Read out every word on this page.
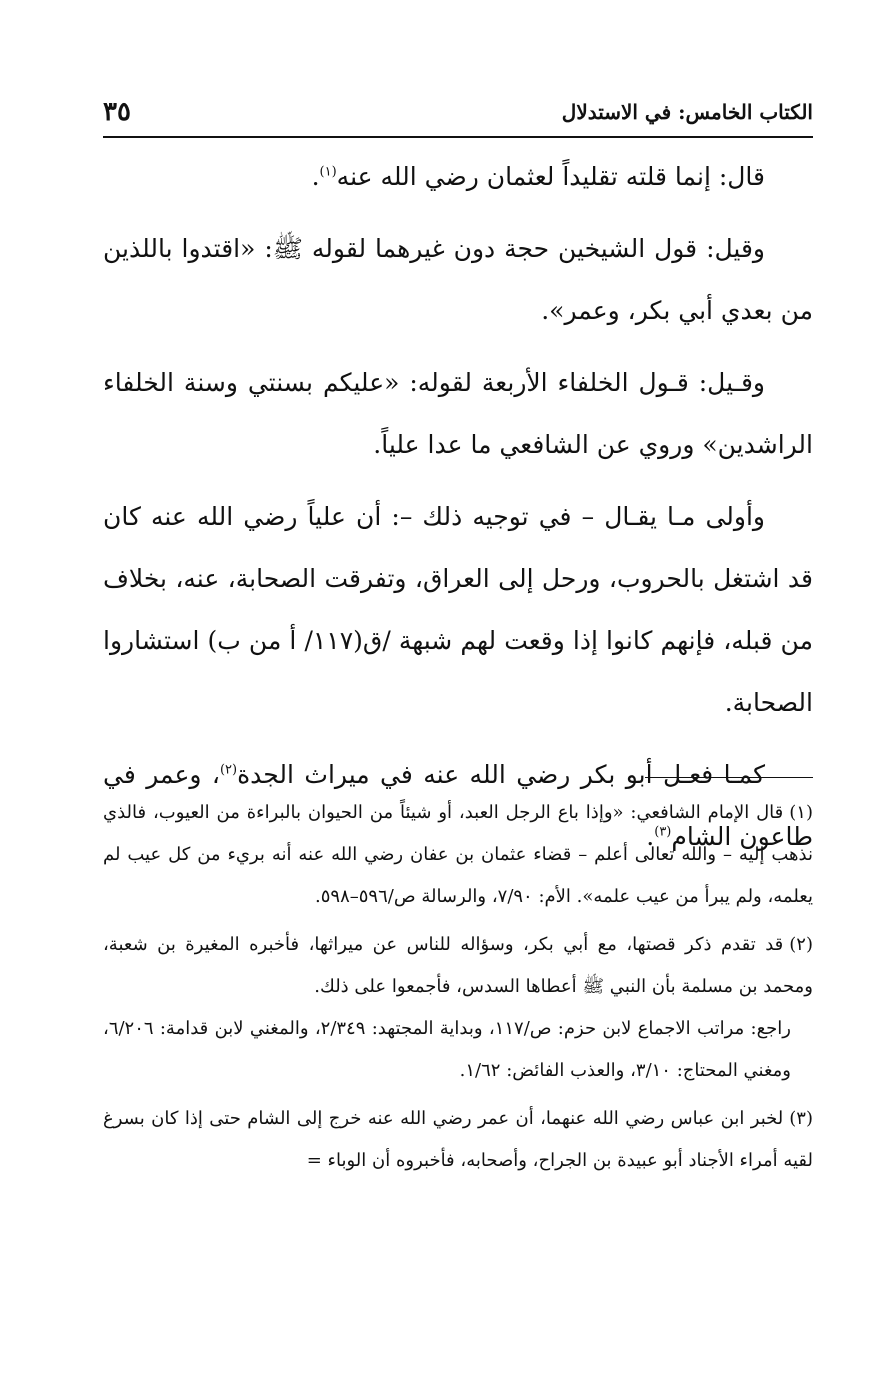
الكتاب الخامس: في الاستدلال
٣٥

قال: إنما قلته تقليداً لعثمان رضي الله عنه$^{(١)}$.

وقيل: قول الشيخين حجة دون غيرهما لقوله ﷺ: «اقتدوا باللذين من بعدي أبي بكر، وعمر».

وقـيل: قـول الخلفاء الأربعة لقوله: «عليكم بسنتي وسنة الخلفاء الراشدين» وروي عن الشافعي ما عدا علياً.

وأولى مـا يقـال – في توجيه ذلك –: أن علياً رضي الله عنه كان قد اشتغل بالحروب، ورحل إلى العراق، وتفرقت الصحابة، عنه، بخلاف من قبله، فإنهم كانوا إذا وقعت لهم شبهة /ق(١١٧/ أ من ب) استشاروا الصحابة.

كمـا فعـل أبو بكر رضي الله عنه في ميراث الجدة$^{(٢)}$، وعمر في طاعون الشام$^{(٣)}$.

(١)قال الإمام الشافعي: «وإذا باع الرجل العبد، أو شيئاً من الحيوان بالبراءة من العيوب، فالذي نذهب إليه – والله تعالى أعلم – قضاء عثمان بن عفان رضي الله عنه أنه بريء من كل عيب لم يعلمه، ولم يبرأ من عيب علمه». الأم: ٧/٩٠، والرسالة ص/٥٩٦–٥٩٨.
(٢)قد تقدم ذكر قصتها، مع أبي بكر، وسؤاله للناس عن ميراثها، فأخبره المغيرة بن شعبة، ومحمد بن مسلمة بأن النبي ﷺ أعطاها السدس، فأجمعوا على ذلك.

راجع: مراتب الاجماع لابن حزم: ص/١١٧، وبداية المجتهد: ٢/٣٤٩، والمغني لابن قدامة: ٦/٢٠٦، ومغني المحتاج: ٣/١٠، والعذب الفائض: ١/٦٢.

(٣)لخبر ابن عباس رضي الله عنهما، أن عمر رضي الله عنه خرج إلى الشام حتى إذا كان بسرغ لقيه أمراء الأجناد أبو عبيدة بن الجراح، وأصحابه، فأخبروه أن الوباء =
